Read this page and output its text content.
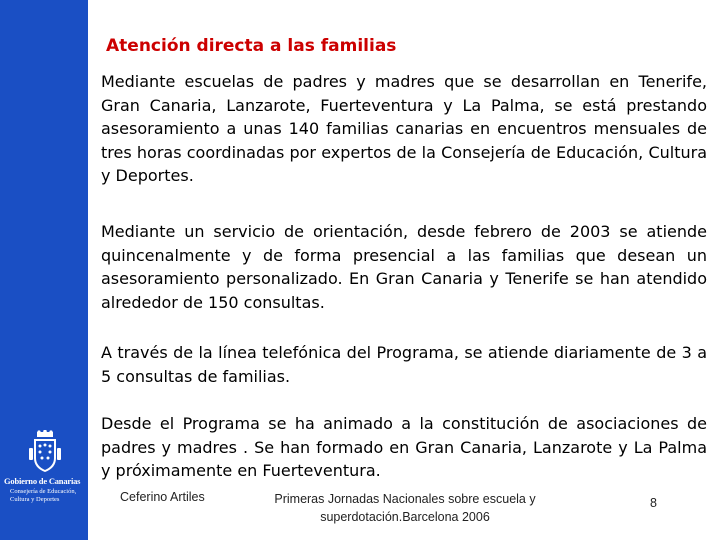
Gobierno de Canarias
Consejería de Educación,
Cultura y Deportes
Atención directa a las familias
Mediante escuelas de padres y madres que se desarrollan en Tenerife, Gran Canaria, Lanzarote, Fuerteventura y La Palma, se está prestando asesoramiento a unas 140 familias canarias en encuentros mensuales de tres horas coordinadas por expertos de la Consejería de Educación, Cultura y Deportes.
Mediante un servicio de orientación, desde febrero de 2003 se atiende quincenalmente y de forma presencial a las familias que desean un asesoramiento personalizado. En Gran Canaria y Tenerife se han atendido alrededor de 150 consultas.
A través de la línea telefónica del Programa, se atiende diariamente de 3 a 5 consultas de familias.
Desde el Programa se ha animado a la constitución de asociaciones de padres y madres . Se han formado en Gran Canaria, Lanzarote y La Palma y próximamente en Fuerteventura.
Ceferino Artiles	Primeras Jornadas Nacionales sobre escuela y
superdotación.Barcelona 2006
8
